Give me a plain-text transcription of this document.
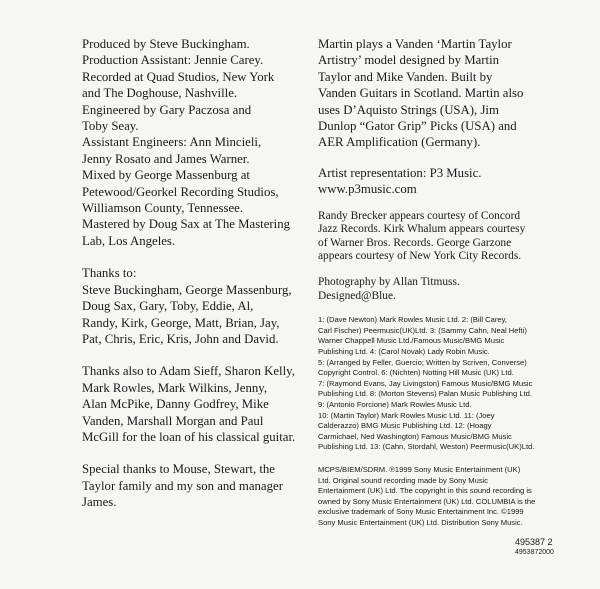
Produced by Steve Buckingham.
Production Assistant: Jennie Carey.
Recorded at Quad Studios, New York
and The Doghouse, Nashville.
Engineered by Gary Paczosa and
Toby Seay.
Assistant Engineers: Ann Mincieli,
Jenny Rosato and James Warner.
Mixed by George Massenburg at
Petewood/Georkel Recording Studios,
Williamson County, Tennessee.
Mastered by Doug Sax at The Mastering
Lab, Los Angeles.

Thanks to:
Steve Buckingham, George Massenburg,
Doug Sax, Gary, Toby, Eddie, Al,
Randy, Kirk, George, Matt, Brian, Jay,
Pat, Chris, Eric, Kris, John and David.

Thanks also to Adam Sieff, Sharon Kelly,
Mark Rowles, Mark Wilkins, Jenny,
Alan McPike, Danny Godfrey, Mike
Vanden, Marshall Morgan and Paul
McGill for the loan of his classical guitar.

Special thanks to Mouse, Stewart, the
Taylor family and my son and manager
James.

Martin plays a Vanden ‘Martin Taylor
Artistry’ model designed by Martin
Taylor and Mike Vanden. Built by
Vanden Guitars in Scotland. Martin also
uses D’Aquisto Strings (USA), Jim
Dunlop “Gator Grip” Picks (USA) and
AER Amplification (Germany).

Artist representation: P3 Music.
www.p3music.com

Randy Brecker appears courtesy of Concord
Jazz Records. Kirk Whalum appears courtesy
of Warner Bros. Records. George Garzone
appears courtesy of New York City Records.

Photography by Allan Titmuss.
Designed@Blue.

1: (Dave Newton) Mark Rowles Music Ltd. 2: (Bill Carey,
Carl Fischer) Peermusic(UK)Ltd. 3: (Sammy Cahn, Neal Hefti)
Warner Chappell Music Ltd./Famous Music/BMG Music
Publishing Ltd. 4: (Carol Novak) Lady Robin Music.
5: (Arranged by Feller, Guercio; Written by Scriven, Converse)
Copyright Control. 6: (Nichten) Notting Hill Music (UK) Ltd.
7: (Raymond Evans, Jay Livingston) Famous Music/BMG Music
Publishing Ltd. 8: (Morton Stevens) Palan Music Publishing Ltd.
9: (Antonio Forcione) Mark Rowles Music Ltd.
10: (Martin Taylor) Mark Rowles Music Ltd. 11: (Joey
Calderazzo) BMG Music Publishing Ltd. 12: (Hoagy
Carmichael, Ned Washington) Famous Music/BMG Music
Publishing Ltd. 13: (Cahn, Stordahl, Weston) Peermusic(UK)Ltd.

MCPS/BIEM/SDRM. ℗1999 Sony Music Entertainment (UK)
Ltd. Original sound recording made by Sony Music
Entertainment (UK) Ltd. The copyright in this sound recording is
owned by Sony Music Entertainment (UK) Ltd. COLUMBIA is the
exclusive trademark of Sony Music Entertainment Inc. ©1999
Sony Music Entertainment (UK) Ltd. Distribution Sony Music.

495387 2
4953872000
